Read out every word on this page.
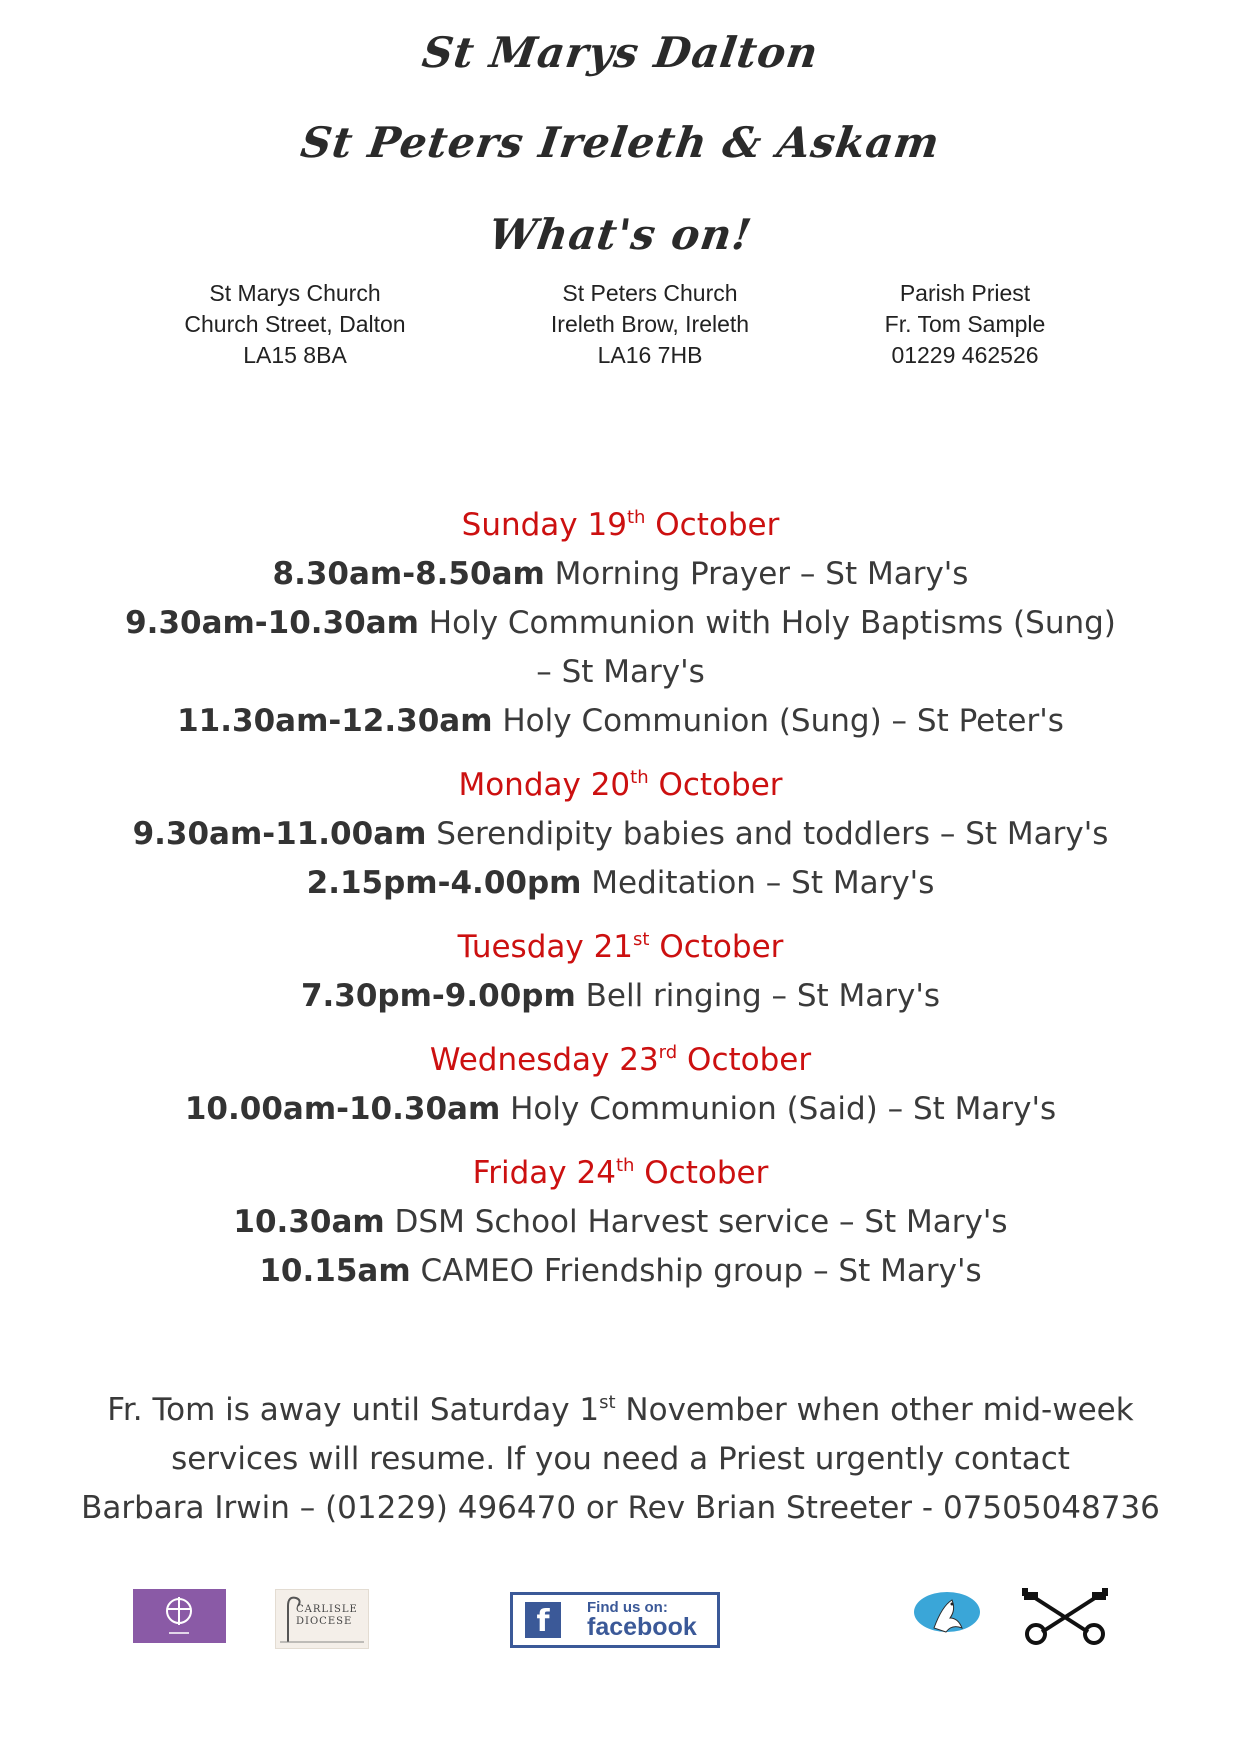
St Marys Dalton
St Peters Ireleth & Askam
What's on!
St Marys Church
Church Street, Dalton
LA15 8BA
St Peters Church
Ireleth Brow, Ireleth
LA16 7HB
Parish Priest
Fr. Tom Sample
01229 462526
Sunday 19th October
8.30am-8.50am Morning Prayer – St Mary's
9.30am-10.30am Holy Communion with Holy Baptisms (Sung)
– St Mary's
11.30am-12.30am Holy Communion (Sung) – St Peter's
Monday 20th October
9.30am-11.00am Serendipity babies and toddlers – St Mary's
2.15pm-4.00pm Meditation – St Mary's
Tuesday 21st October
7.30pm-9.00pm Bell ringing – St Mary's
Wednesday 23rd October
10.00am-10.30am Holy Communion (Said) – St Mary's
Friday 24th October
10.30am DSM School Harvest service – St Mary's
10.15am CAMEO Friendship group – St Mary's
Fr. Tom is away until Saturday 1st November when other mid-week
services will resume. If you need a Priest urgently contact
Barbara Irwin – (01229) 496470 or Rev Brian Streeter - 07505048736
CARLISLE DIOCESE	f	Find us on:
facebook
